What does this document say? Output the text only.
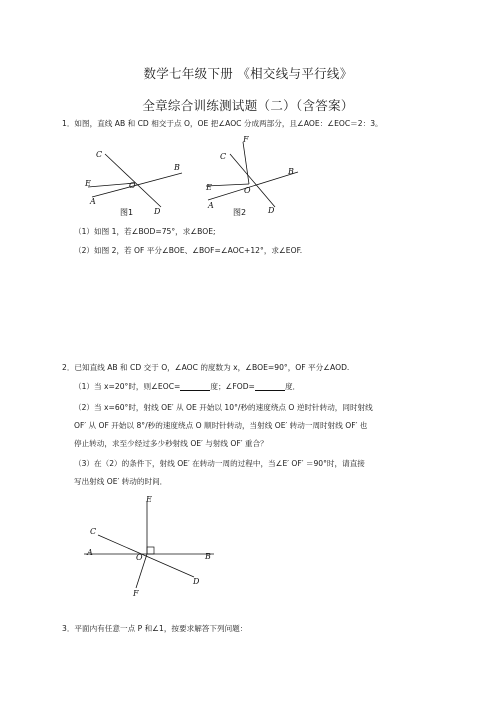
数学七年级下册 《相交线与平行线》
全章综合训练测试题（二）（含答案）
1．如图，直线 AB 和 CD 相交于点 O，OE 把∠AOC 分成两部分，且∠AOE：∠EOC＝2：3。
C
B
E	O
A
D
图1
F
C
B
E	O
A
D
图2
（1）如图 1，若∠BOD=75°，求∠BOE;
（2）如图 2，若 OF 平分∠BOE、∠BOF=∠AOC+12°，求∠EOF.
2．已知直线 AB 和 CD 交于 O，∠AOC 的度数为 x，∠BOE=90°，OF 平分∠AOD.
（1）当 x=20°时，则∠EOC=	度；∠FOD=	度．
（2）当 x=60°时，射线 OE′ 从 OE 开始以 10°/秒的速度绕点 O 逆时针转动，同时射线
OF′ 从 OF 开始以 8°/秒的速度绕点 O 顺时针转动，当射线 OE′ 转动一周时射线 OF′ 也
停止转动，求至少经过多少秒射线 OE′ 与射线 OF′ 重合？
（3）在（2）的条件下，射线 OE′ 在转动一周的过程中，当∠E′ OF′ ＝90°时，请直接
写出射线 OE′ 转动的时间．
E
C
A
O	B
D
F
3．平面内有任意一点 P 和∠1，按要求解答下列问题：
